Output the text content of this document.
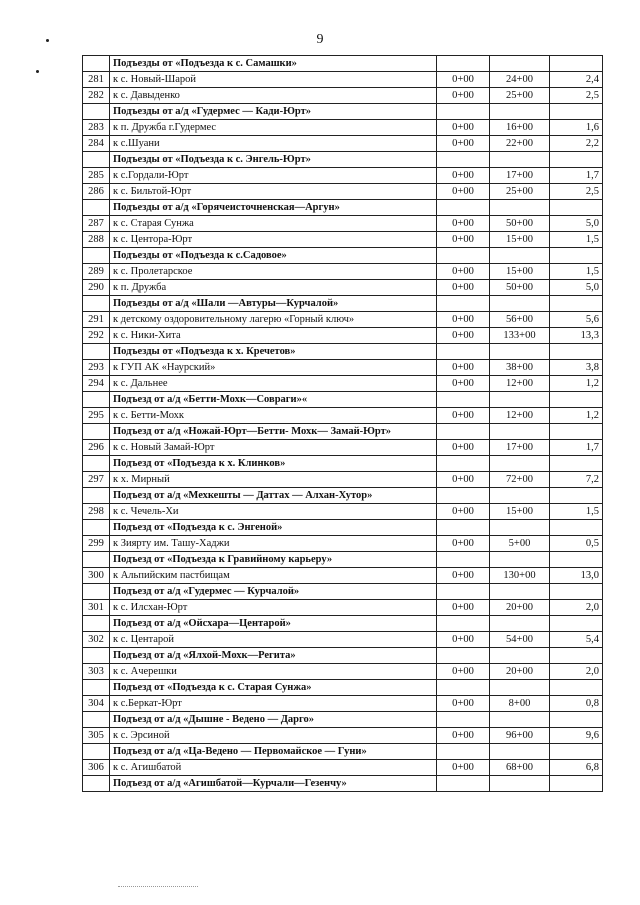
9
	Подъезды от «Подъезда к с. Самашки»			
281	к с. Новый-Шарой	0+00	24+00	2,4
282	к с. Давыденко	0+00	25+00	2,5
	Подъезды от а/д «Гудермес — Кади-Юрт»			
283	к п. Дружба г.Гудермес	0+00	16+00	1,6
284	к с.Шуани	0+00	22+00	2,2
	Подъезды от «Подъезда к с. Энгель-Юрт»			
285	к с.Гордали-Юрт	0+00	17+00	1,7
286	к с. Бильтой-Юрт	0+00	25+00	2,5
	Подъезды от а/д «Горячеисточненская—Аргун»			
287	к с. Старая Сунжа	0+00	50+00	5,0
288	к с. Центора-Юрт	0+00	15+00	1,5
	Подъезды от «Подъезда к с.Садовое»			
289	к с. Пролетарское	0+00	15+00	1,5
290	к п. Дружба	0+00	50+00	5,0
	Подъезды от а/д «Шали —Автуры—Курчалой»			
291	к детскому оздоровительному лагерю «Горный ключ»	0+00	56+00	5,6
292	к с. Ники-Хита	0+00	133+00	13,3
	Подъезды от «Подъезда к х. Кречетов»			
293	к ГУП АК «Наурский»	0+00	38+00	3,8
294	к с. Дальнее	0+00	12+00	1,2
	Подъезд от а/д «Бетти-Мохк—Совраги»«			
295	к с. Бетти-Мохк	0+00	12+00	1,2
	Подъезд от а/д «Ножай-Юрт—Бетти- Мохк— Замай-Юрт»			
296	к с. Новый Замай-Юрт	0+00	17+00	1,7
	Подъезд от «Подъезда к х. Клинков»			
297	к х. Мирный	0+00	72+00	7,2
	Подъезд от а/д «Мехкешты — Даттах — Алхан-Хутор»			
298	к с. Чечель-Хи	0+00	15+00	1,5
	Подъезд от «Подъезда к с. Энгеной»			
299	к Зиярту им. Ташу-Хаджи	0+00	5+00	0,5
	Подъезд от «Подъезда к Гравийному карьеру»			
300	к Альпийским пастбищам	0+00	130+00	13,0
	Подъезд от а/д «Гудермес — Курчалой»			
301	к с. Илсхан-Юрт	0+00	20+00	2,0
	Подъезд от а/д «Ойсхара—Центарой»			
302	к с. Центарой	0+00	54+00	5,4
	Подъезд от а/д «Ялхой-Мохк—Регита»			
303	к с. Ачерешки	0+00	20+00	2,0
	Подъезд от «Подъезда к с. Старая Сунжа»			
304	к с.Беркат-Юрт	0+00	8+00	0,8
	Подъезд от а/д «Дышне - Ведено — Дарго»			
305	к с. Эрсиной	0+00	96+00	9,6
	Подъезд от а/д «Ца-Ведено — Первомайское — Гуни»			
306	к с. Агишбатой	0+00	68+00	6,8
	Подъезд от а/д «Агишбатой—Курчали—Гезенчу»			
